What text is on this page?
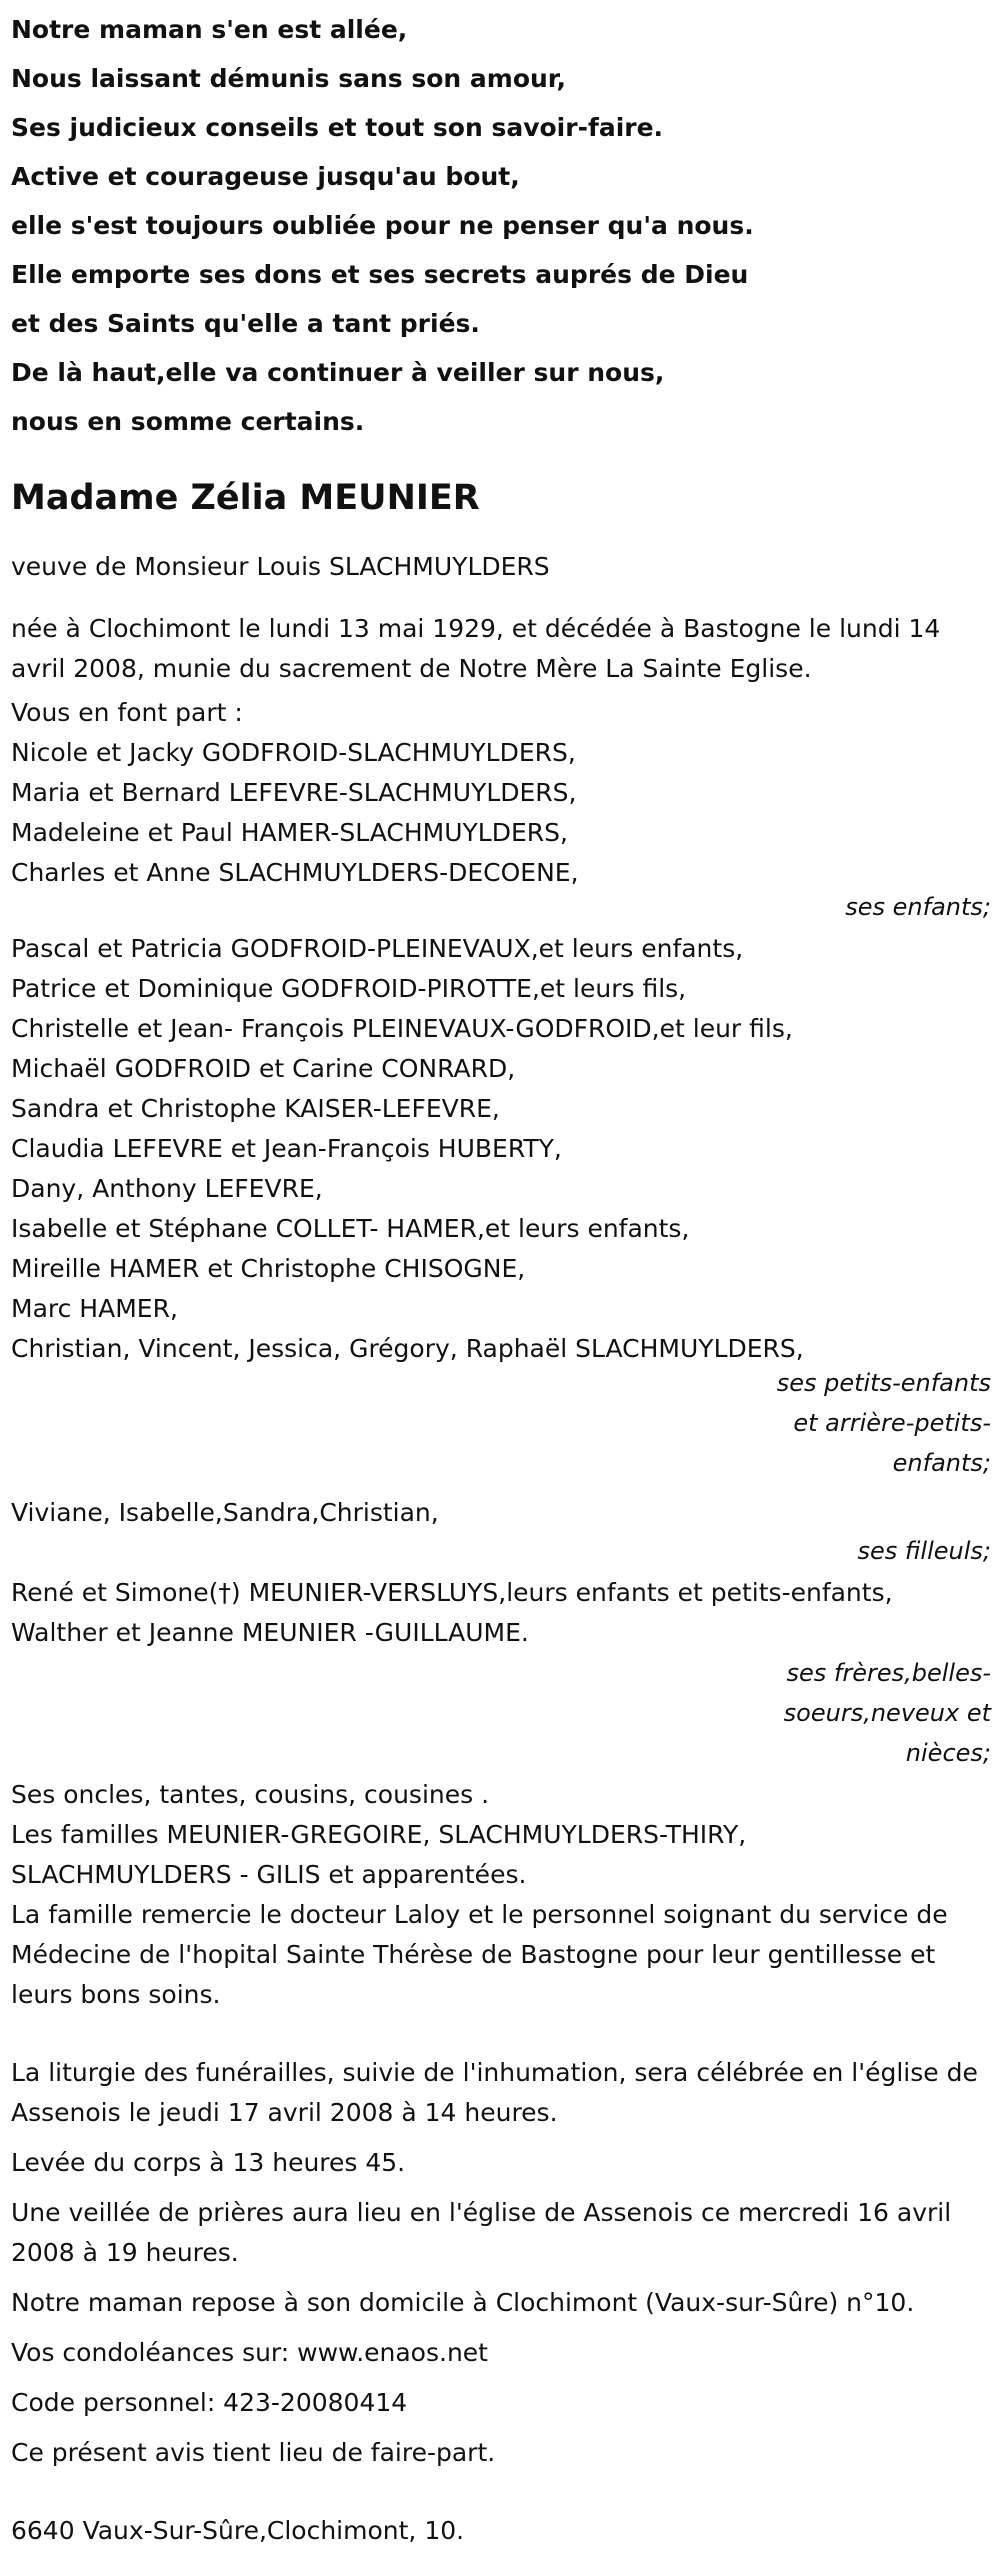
Notre maman s'en est allée,
Nous laissant démunis sans son amour,
Ses judicieux conseils et tout son savoir-faire.
Active et courageuse jusqu'au bout,
elle s'est toujours oubliée pour ne penser qu'a nous.
Elle emporte ses dons et ses secrets auprés de Dieu
et des Saints qu'elle a tant priés.
De là haut,elle va continuer à veiller sur nous,
nous en somme certains.
Madame Zélia MEUNIER
veuve de Monsieur Louis SLACHMUYLDERS
née à Clochimont le lundi 13 mai 1929, et décédée à Bastogne le lundi 14 avril 2008, munie du sacrement de Notre Mère La Sainte Eglise.
Vous en font part :
Nicole et Jacky GODFROID-SLACHMUYLDERS,
Maria et Bernard LEFEVRE-SLACHMUYLDERS,
Madeleine et Paul HAMER-SLACHMUYLDERS,
Charles et Anne SLACHMUYLDERS-DECOENE,
ses enfants;
Pascal et Patricia GODFROID-PLEINEVAUX,et leurs enfants,
Patrice et Dominique GODFROID-PIROTTE,et leurs fils,
Christelle et Jean- François PLEINEVAUX-GODFROID,et leur fils,
Michaël GODFROID et Carine CONRARD,
Sandra et Christophe KAISER-LEFEVRE,
Claudia LEFEVRE et Jean-François HUBERTY,
Dany, Anthony LEFEVRE,
Isabelle et Stéphane COLLET- HAMER,et leurs enfants,
Mireille HAMER et Christophe CHISOGNE,
Marc HAMER,
Christian, Vincent, Jessica, Grégory, Raphaël SLACHMUYLDERS,
ses petits-enfants
et arrière-petits-
enfants;
Viviane, Isabelle,Sandra,Christian,
ses filleuls;
René et Simone(†) MEUNIER-VERSLUYS,leurs enfants et petits-enfants,
Walther et Jeanne MEUNIER -GUILLAUME.
ses frères,belles-
soeurs,neveux et
nièces;
Ses oncles, tantes, cousins, cousines .
Les familles MEUNIER-GREGOIRE, SLACHMUYLDERS-THIRY,
SLACHMUYLDERS - GILIS et apparentées.
La famille remercie le docteur Laloy et le personnel soignant du service de Médecine de l'hopital Sainte Thérèse de Bastogne pour leur gentillesse et leurs bons soins.
La liturgie des funérailles, suivie de l'inhumation, sera célébrée en l'église de Assenois le jeudi 17 avril 2008 à 14 heures.
Levée du corps à 13 heures 45.
Une veillée de prières aura lieu en l'église de Assenois ce mercredi 16 avril 2008 à 19 heures.
Notre maman repose à son domicile à Clochimont (Vaux-sur-Sûre) n°10.
Vos condoléances sur: www.enaos.net
Code personnel: 423-20080414
Ce présent avis tient lieu de faire-part.
6640 Vaux-Sur-Sûre,Clochimont, 10.
